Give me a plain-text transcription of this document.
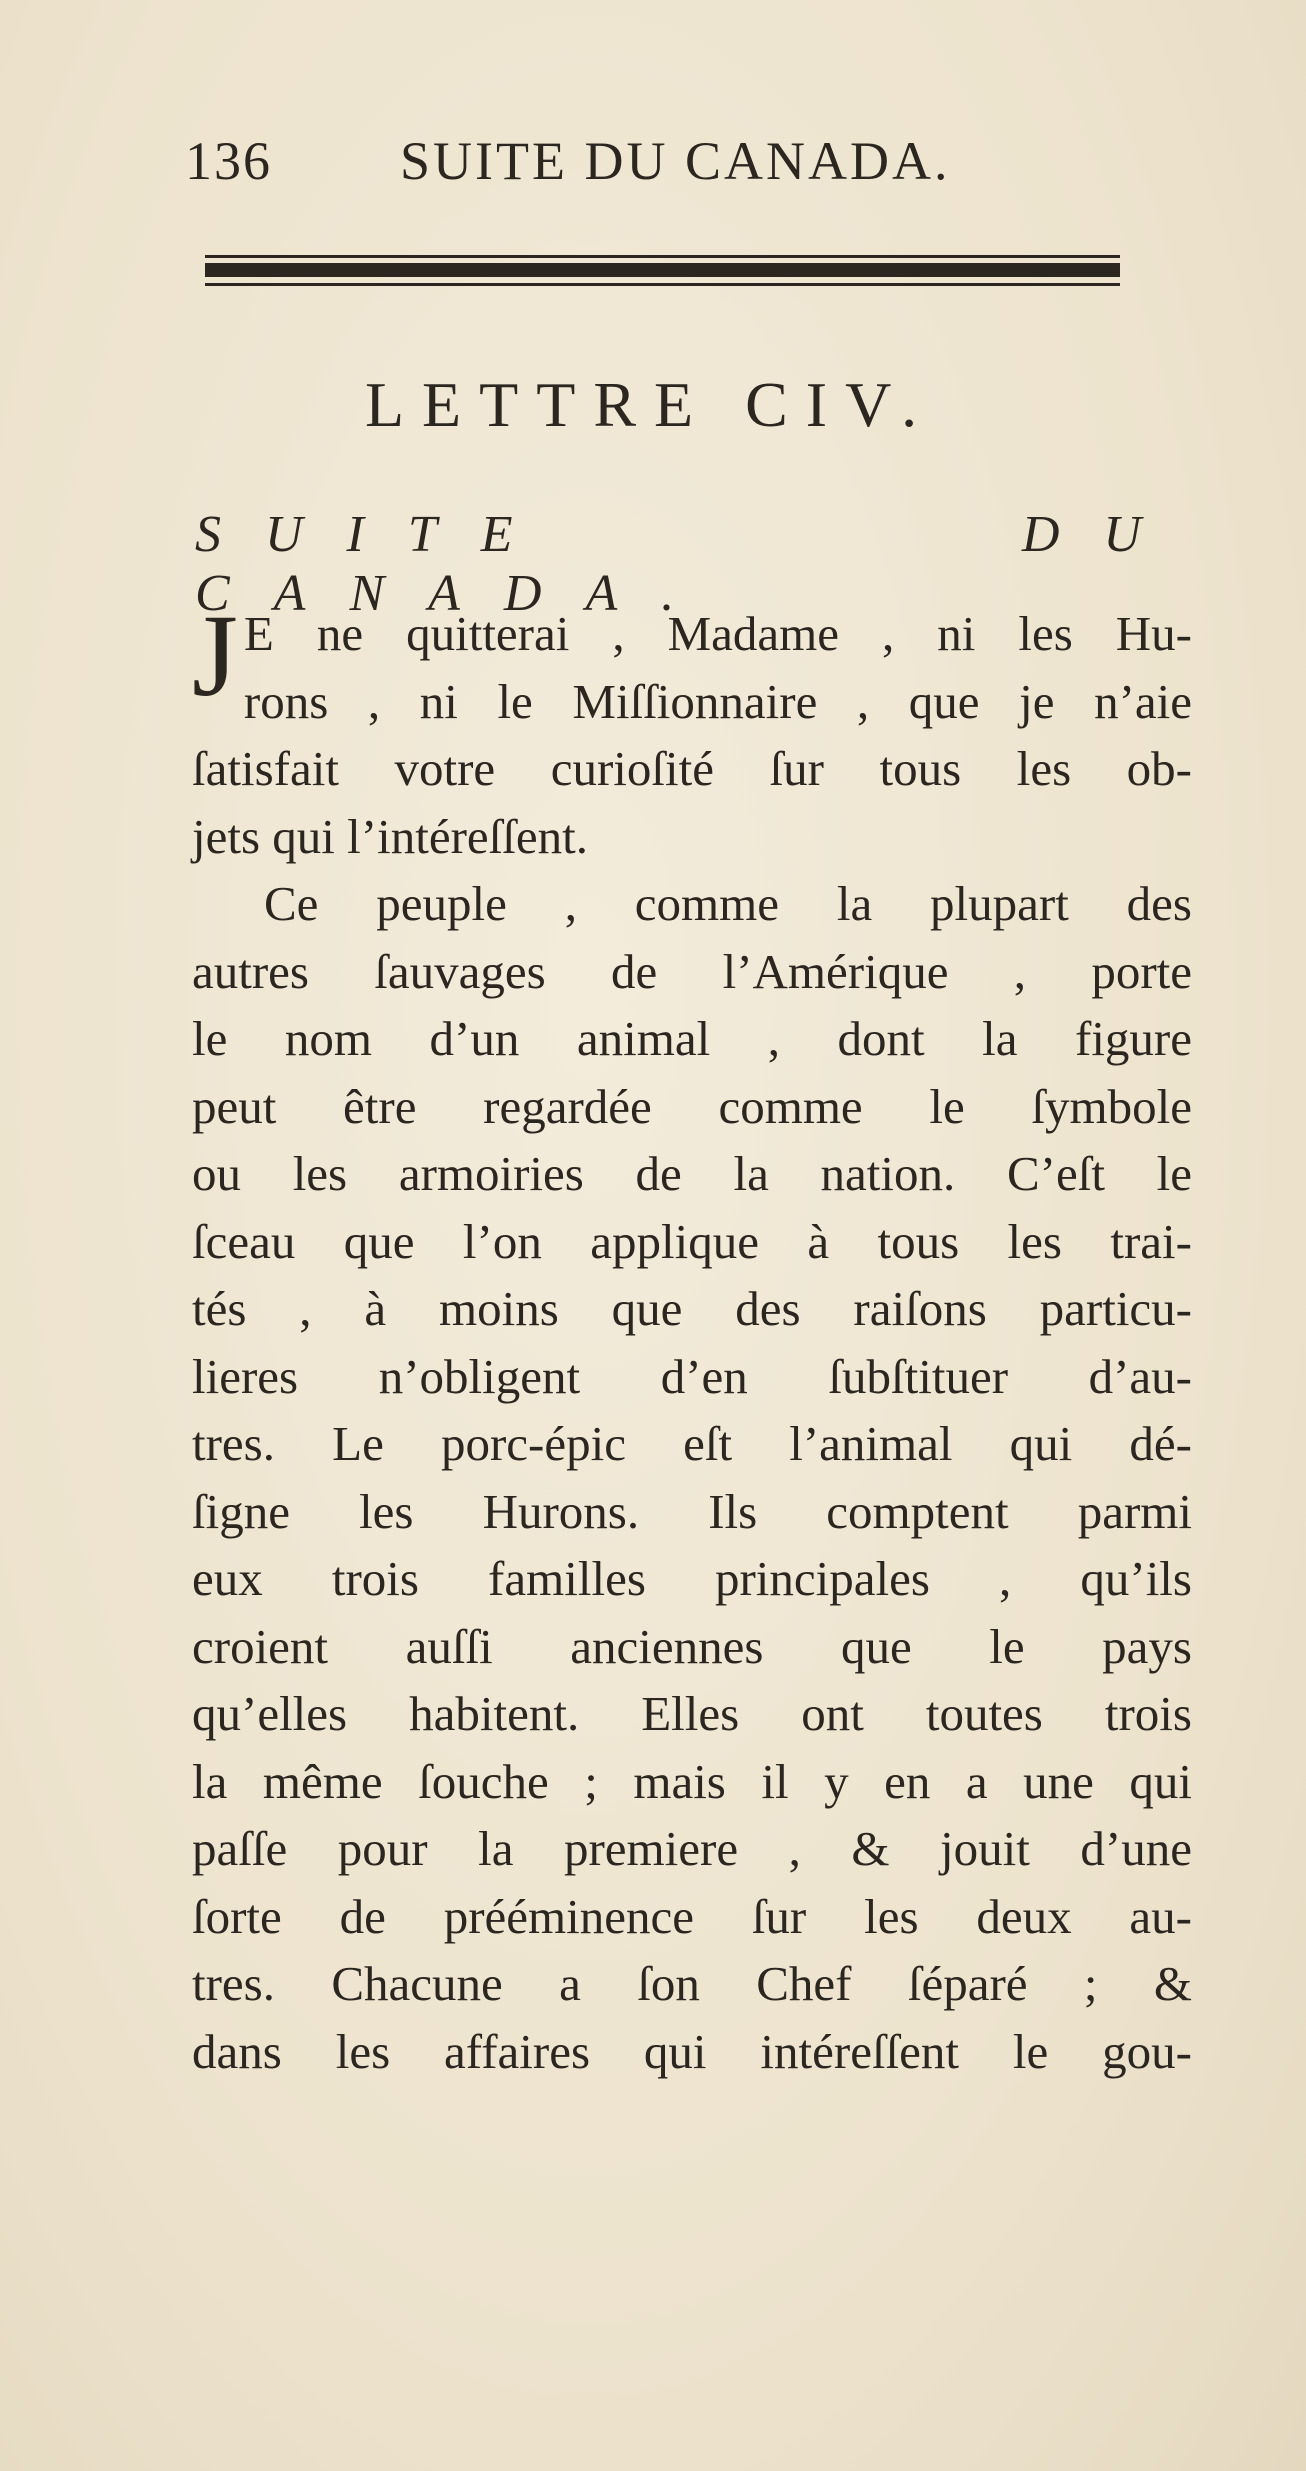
136 SUITE DU CANADA.
LETTRE CIV.
SUITE DU CANADA.

J E ne quitterai , Madame , ni les Hu-
rons , ni le Miſſionnaire , que je n’aie
ſatisfait votre curioſité ſur tous les ob-
jets qui l’intéreſſent.

Ce peuple , comme la plupart des
autres ſauvages de l’Amérique , porte
le nom d’un animal , dont la figure
peut être regardée comme le ſymbole
ou les armoiries de la nation. C’eſt le
ſceau que l’on applique à tous les trai-
tés , à moins que des raiſons particu-
lieres n’obligent d’en ſubſtituer d’au-
tres. Le porc-épic eſt l’animal qui dé-
ſigne les Hurons. Ils comptent parmi
eux trois familles principales , qu’ils
croient auſſi anciennes que le pays
qu’elles habitent. Elles ont toutes trois
la même ſouche ; mais il y en a une qui
paſſe pour la premiere , & jouit d’une
ſorte de prééminence ſur les deux au-
tres. Chacune a ſon Chef ſéparé ; &
dans les affaires qui intéreſſent le gou-
